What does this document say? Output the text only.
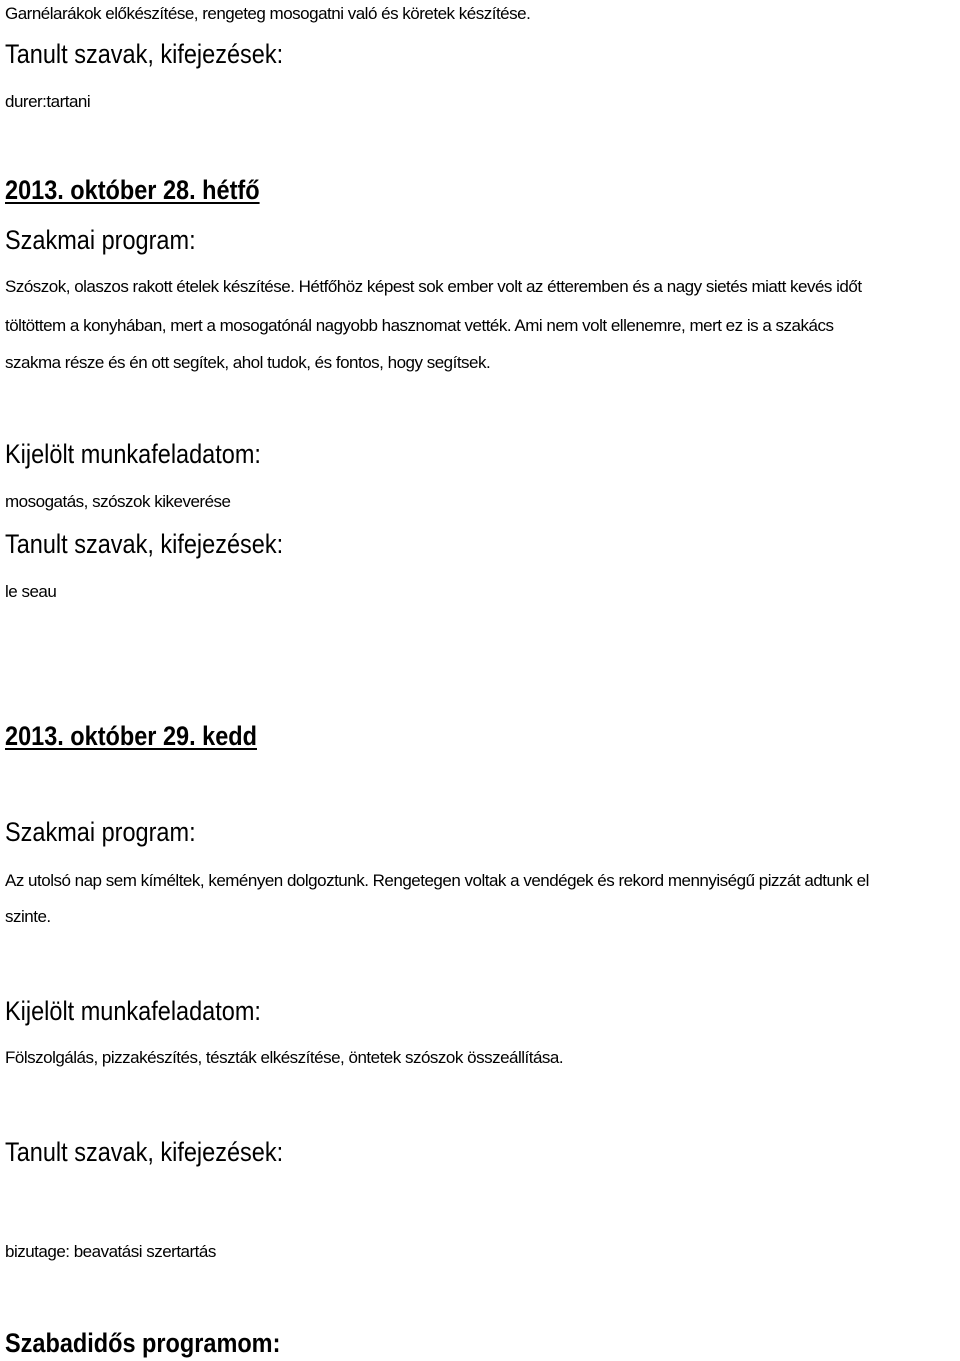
Garnélarákok előkészítése, rengeteg mosogatni való és köretek készítése.
Tanult szavak, kifejezések:
durer:tartani
2013. október 28. hétfő
Szakmai program:
Szószok, olaszos rakott ételek készítése. Hétfőhöz képest sok ember volt az étteremben és a nagy sietés miatt kevés időt
töltöttem a konyhában, mert a mosogatónál nagyobb hasznomat vették. Ami nem volt ellenemre, mert ez is a szakács
szakma része és én ott segítek, ahol tudok, és fontos, hogy segítsek.
Kijelölt munkafeladatom:
mosogatás, szószok kikeverése
Tanult szavak, kifejezések:
le seau
2013. október 29. kedd
Szakmai program:
Az utolsó nap sem kíméltek, keményen dolgoztunk. Rengetegen voltak a vendégek és rekord mennyiségű pizzát adtunk el
szinte.
Kijelölt munkafeladatom:
Fölszolgálás, pizzakészítés, tészták elkészítése, öntetek szószok összeállítása.
Tanult szavak, kifejezések:
bizutage: beavatási szertartás
Szabadidős programom:
